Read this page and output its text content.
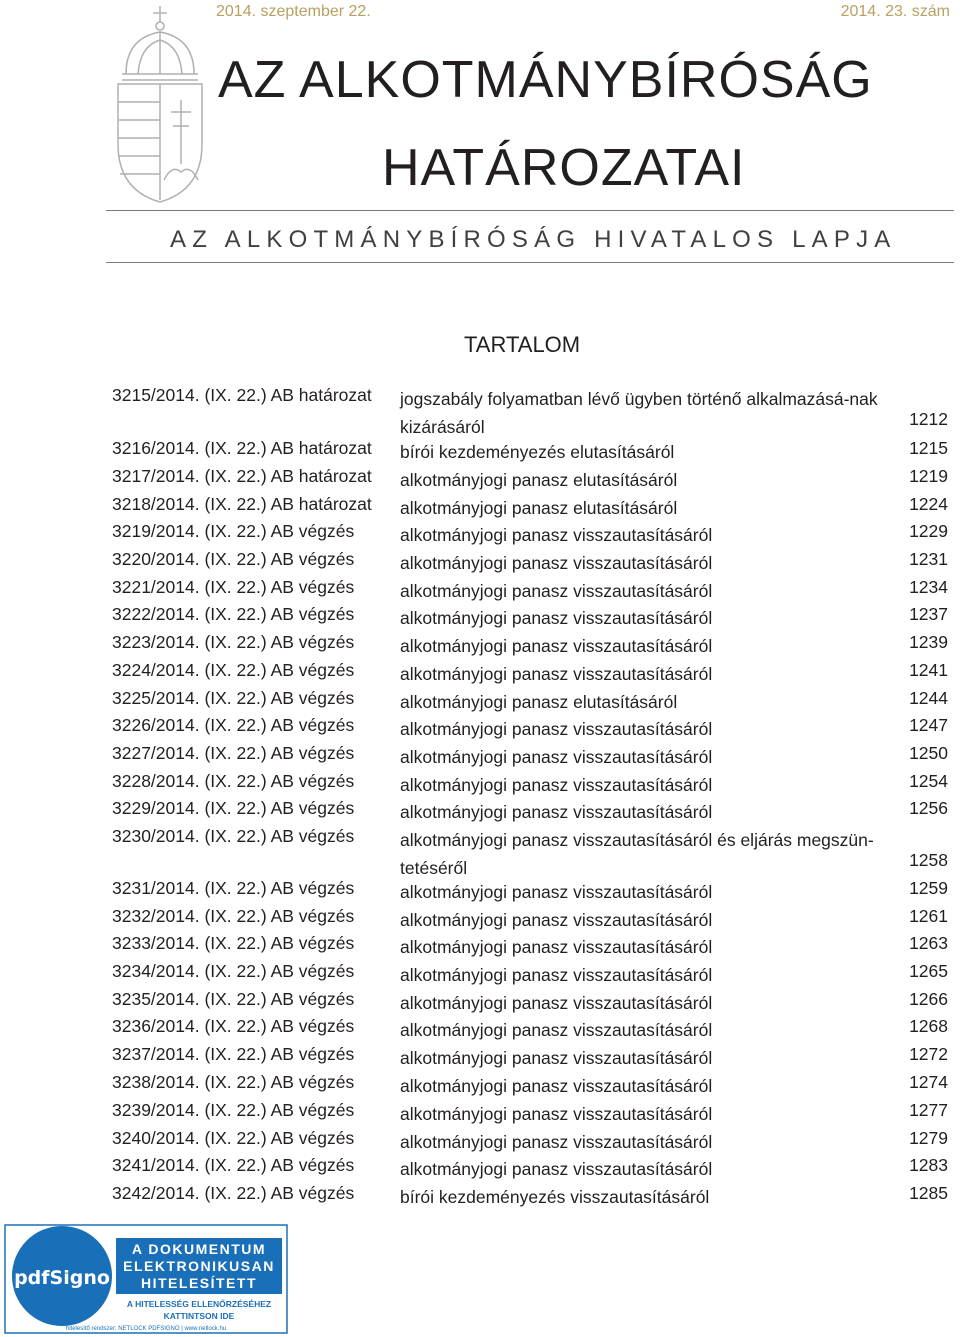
2014. szeptember 22.	2014. 23. szám
AZ ALKOTMÁNYBÍRÓSÁG
HATÁROZATAI
AZ ALKOTMÁNYBÍRÓSÁG HIVATALOS LAPJA
TARTALOM
3215/2014. (IX. 22.) AB határozat jogszabály folyamatban lévő ügyben történő alkalmazásá-nak kizárásáról	1212
3216/2014. (IX. 22.) AB határozat bírói kezdeményezés elutasításáról	1215
3217/2014. (IX. 22.) AB határozat alkotmányjogi panasz elutasításáról	1219
3218/2014. (IX. 22.) AB határozat alkotmányjogi panasz elutasításáról	1224
3219/2014. (IX. 22.) AB végzés	alkotmányjogi panasz visszautasításáról	1229
3220/2014. (IX. 22.) AB végzés	alkotmányjogi panasz visszautasításáról	1231
3221/2014. (IX. 22.) AB végzés	alkotmányjogi panasz visszautasításáról	1234
3222/2014. (IX. 22.) AB végzés	alkotmányjogi panasz visszautasításáról	1237
3223/2014. (IX. 22.) AB végzés	alkotmányjogi panasz visszautasításáról	1239
3224/2014. (IX. 22.) AB végzés	alkotmányjogi panasz visszautasításáról	1241
3225/2014. (IX. 22.) AB végzés	alkotmányjogi panasz elutasításáról	1244
3226/2014. (IX. 22.) AB végzés	alkotmányjogi panasz visszautasításáról	1247
3227/2014. (IX. 22.) AB végzés	alkotmányjogi panasz visszautasításáról	1250
3228/2014. (IX. 22.) AB végzés	alkotmányjogi panasz visszautasításáról	1254
3229/2014. (IX. 22.) AB végzés	alkotmányjogi panasz visszautasításáról	1256
3230/2014. (IX. 22.) AB végzés	alkotmányjogi panasz visszautasításáról és eljárás megszün-tetéséről	1258
3231/2014. (IX. 22.) AB végzés	alkotmányjogi panasz visszautasításáról	1259
3232/2014. (IX. 22.) AB végzés	alkotmányjogi panasz visszautasításáról	1261
3233/2014. (IX. 22.) AB végzés	alkotmányjogi panasz visszautasításáról	1263
3234/2014. (IX. 22.) AB végzés	alkotmányjogi panasz visszautasításáról	1265
3235/2014. (IX. 22.) AB végzés	alkotmányjogi panasz visszautasításáról	1266
3236/2014. (IX. 22.) AB végzés	alkotmányjogi panasz visszautasításáról	1268
3237/2014. (IX. 22.) AB végzés	alkotmányjogi panasz visszautasításáról	1272
3238/2014. (IX. 22.) AB végzés	alkotmányjogi panasz visszautasításáról	1274
3239/2014. (IX. 22.) AB végzés	alkotmányjogi panasz visszautasításáról	1277
3240/2014. (IX. 22.) AB végzés	alkotmányjogi panasz visszautasításáról	1279
3241/2014. (IX. 22.) AB végzés	alkotmányjogi panasz visszautasításáról	1283
3242/2014. (IX. 22.) AB végzés	bírói kezdeményezés visszautasításáról	1285
pdfSigno
A DOKUMENTUM
ELEKTRONIKUSAN
HITELESÍTETT
A HITELESSÉG ELLENŐRZÉSÉHEZ
KATTINTSON IDE
hitelesítő rendszer: NETLOCK PDFSIGNO | www.netlock.hu
